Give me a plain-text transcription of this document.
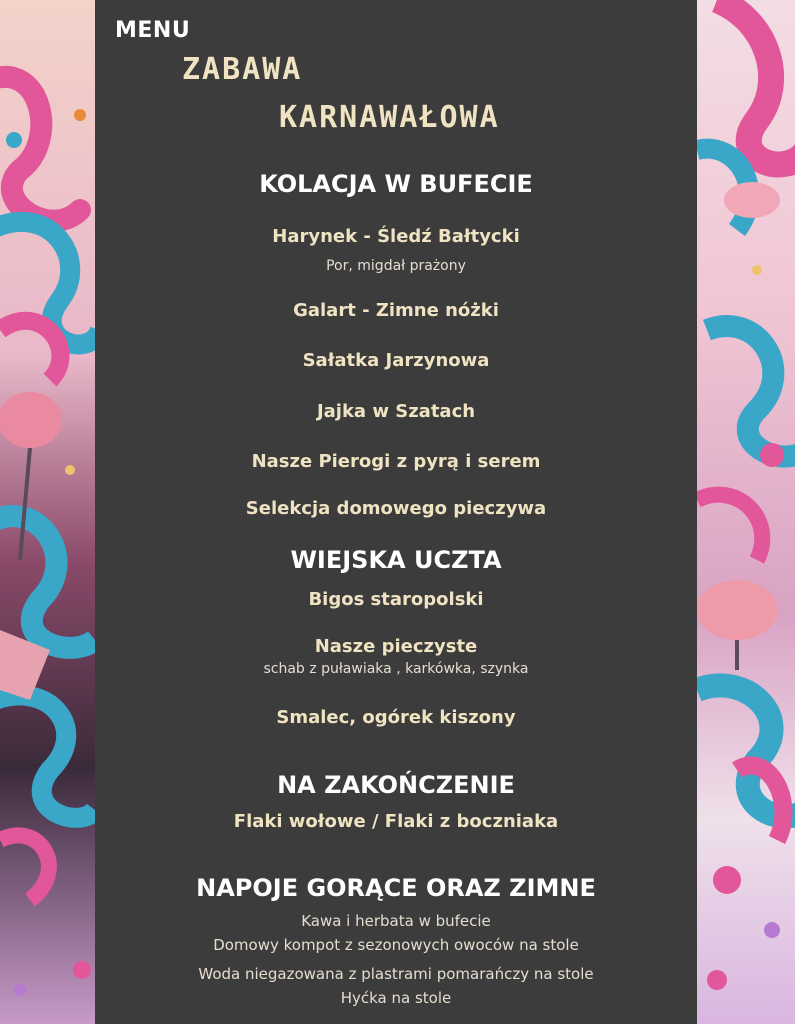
MENU
ZABAWA
KARNAWAŁOWA
KOLACJA W BUFECIE
Harynek - Śledź Bałtycki
Por, migdał prażony
Galart - Zimne nóżki
Sałatka Jarzynowa
Jajka w Szatach
Nasze Pierogi z pyrą i serem
Selekcja domowego pieczywa
WIEJSKA UCZTA
Bigos staropolski
Nasze pieczyste
schab z puławiaka , karkówka, szynka
Smalec, ogórek kiszony
NA ZAKOŃCZENIE
Flaki wołowe / Flaki z boczniaka
NAPOJE GORĄCE ORAZ ZIMNE
Kawa i herbata w bufecie
Domowy kompot z sezonowych owoców na stole
Woda niegazowana z plastrami pomarańczy na stole
Hyćka na stole
